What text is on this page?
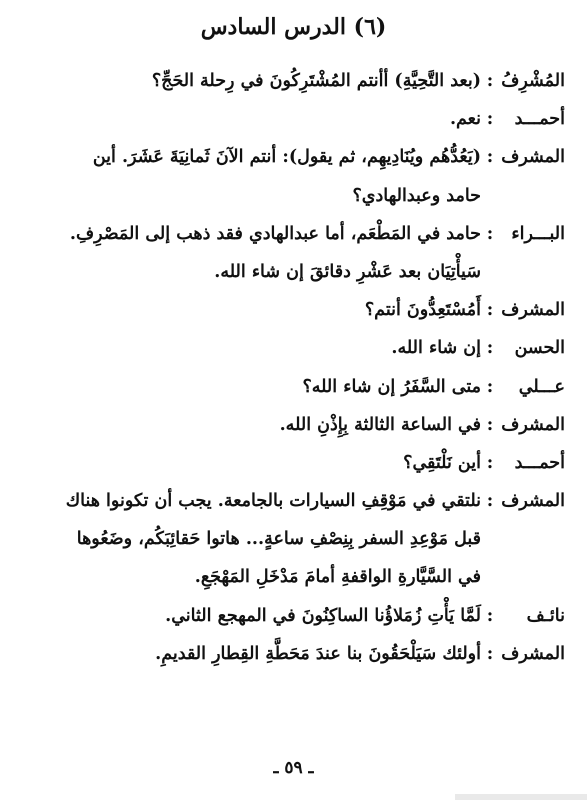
(٦) الدرس السادس
المُشْرِفُ:(بعد التَّحِيَّةِ) أأنتم المُشْتَرِكُونَ في رِحلة الحَجِّ؟
أحمـــد:نعم.
المشرف:(يَعُدُّهُم ويُنَادِيهِم، ثم يقول): أنتم الآنَ ثَمانِيَةَ عَشَرَ. أين
حامد وعبدالهادي؟
البـــراء:حامد في المَطْعَم، أما عبدالهادي فقد ذهب إلى المَصْرِفِ.
سَيأْتِيَان بعد عَشْرِ دقائقَ إن شاء الله.
المشرف:أَمُسْتَعِدُّونَ أنتم؟
الحسن:إن شاء الله.
عـــلي:متى السَّفَرُ إن شاء الله؟
المشرف:في الساعة الثالثة بِإِذْنِ الله.
أحمـــد:أين نَلْتَقِي؟
المشرف:نلتقي في مَوْقِفِ السيارات بالجامعة. يجب أن تكونوا هناك
قبل مَوْعِدِ السفر بِنِصْفِ ساعةٍ... هاتوا حَقائِبَكُم، وضَعُوها
في السَّيَّارةِ الواقفةِ أمامَ مَدْخَلِ المَهْجَعِ.
نائـف:لَمَّا يَأْتِ زُمَلاؤُنا الساكِنُونَ في المهجع الثاني.
المشرف:أولئك سَيَلْحَقُونَ بنا عندَ مَحَطَّةِ القِطارِ القديمِ.
ـ ٥٩ ـ
